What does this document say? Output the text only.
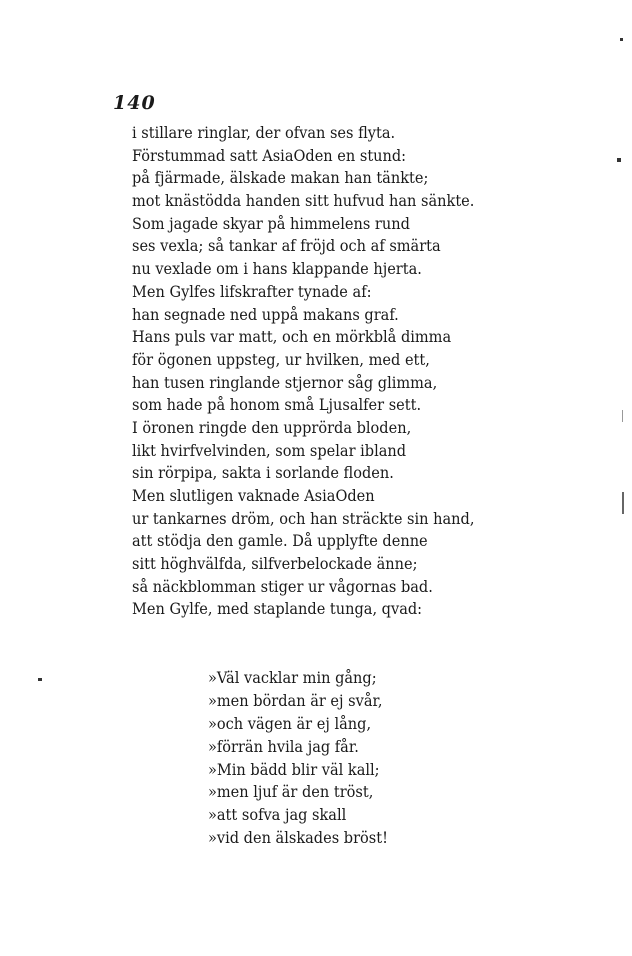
140
i stillare ringlar, der ofvan ses flyta.
Förstummad satt AsiaOden en stund:
på fjärmade, älskade makan han tänkte;
mot knästödda handen sitt hufvud han sänkte.
Som jagade skyar på himmelens rund
ses vexla; så tankar af fröjd och af smärta
nu vexlade om i hans klappande hjerta.
Men Gylfes lifskrafter tynade af:
han segnade ned uppå makans graf.
Hans puls var matt, och en mörkblå dimma
för ögonen uppsteg, ur hvilken, med ett,
han tusen ringlande stjernor såg glimma,
som hade på honom små Ljusalfer sett.
I öronen ringde den upprörda bloden,
likt hvirfvelvinden, som spelar ibland
sin rörpipa, sakta i sorlande floden.
Men slutligen vaknade AsiaOden
ur tankarnes dröm, och han sträckte sin hand,
att stödja den gamle. Då upplyfte denne
sitt höghvälfda, silfverbelockade änne;
så näckblomman stiger ur vågornas bad.
Men Gylfe, med staplande tunga, qvad:
»Väl vacklar min gång;
»men bördan är ej svår,
»och vägen är ej lång,
»förrän hvila jag får.
»Min bädd blir väl kall;
»men ljuf är den tröst,
»att sofva jag skall
»vid den älskades bröst!
